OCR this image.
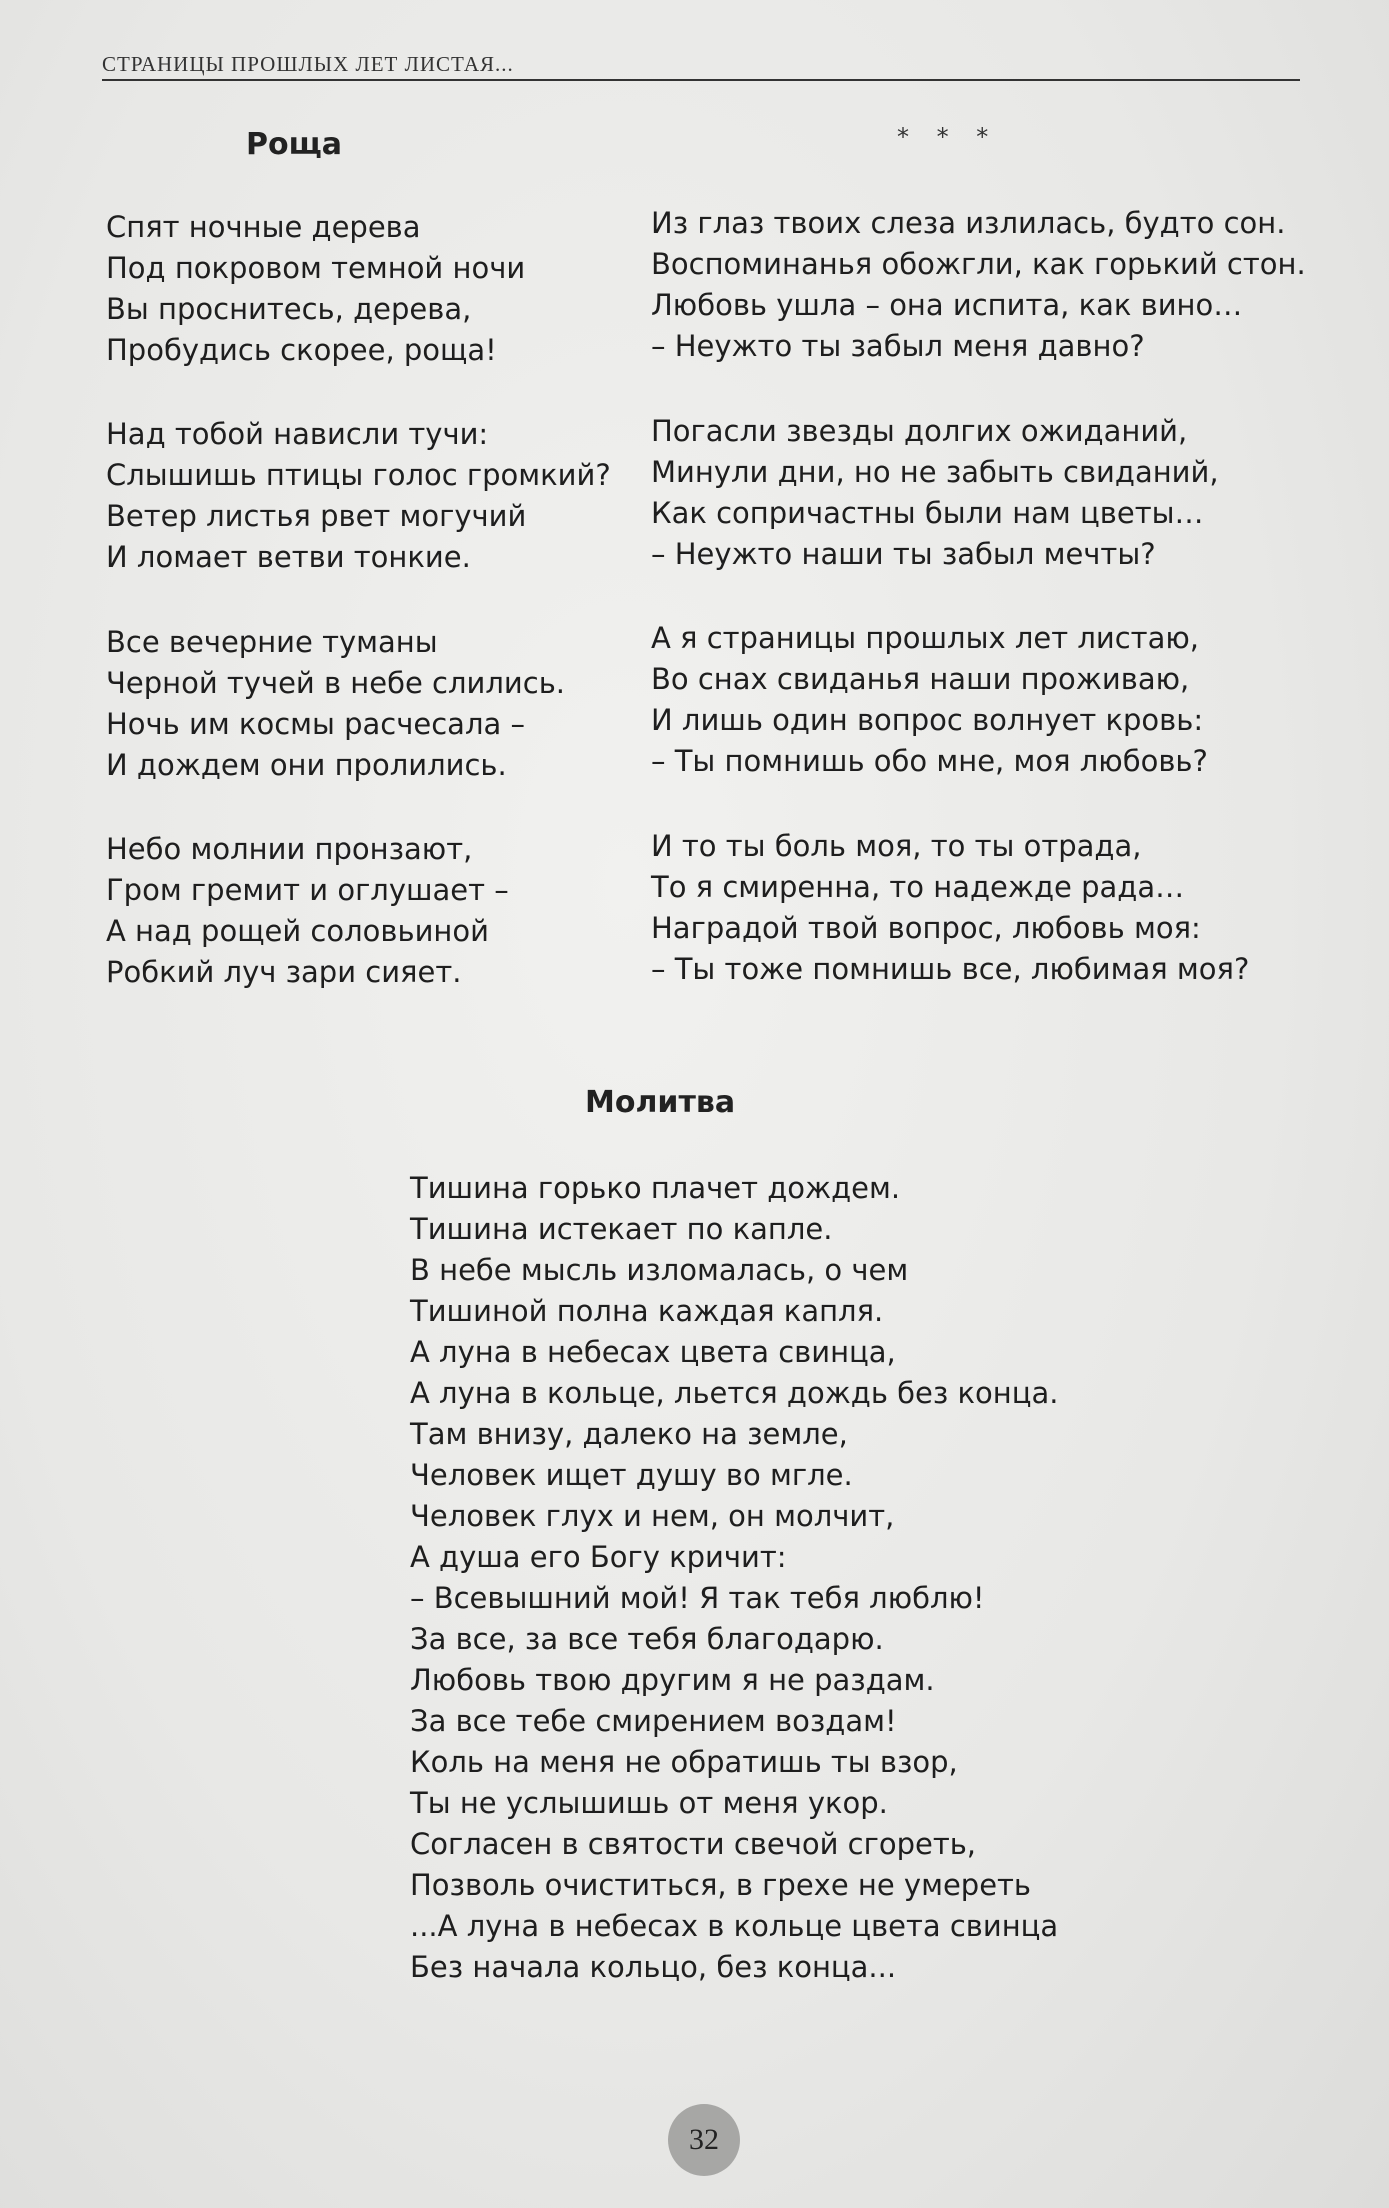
СТРАНИЦЫ ПРОШЛЫХ ЛЕТ ЛИСТАЯ...
Роща
Спят ночные дерева
Под покровом темной ночи
Вы проснитесь, дерева,
Пробудись скорее, роща!
Над тобой нависли тучи:
Слышишь птицы голос громкий?
Ветер листья рвет могучий
И ломает ветви тонкие.
Все вечерние туманы
Черной тучей в небе слились.
Ночь им космы расчесала –
И дождем они пролились.
Небо молнии пронзают,
Гром гремит и оглушает –
А над рощей соловьиной
Робкий луч зари сияет.
* * *
Из глаз твоих слеза излилась, будто сон.
Воспоминанья обожгли, как горький стон.
Любовь ушла – она испита, как вино…
– Неужто ты забыл меня давно?
Погасли звезды долгих ожиданий,
Минули дни, но не забыть свиданий,
Как сопричастны были нам цветы…
– Неужто наши ты забыл мечты?
А я страницы прошлых лет листаю,
Во снах свиданья наши проживаю,
И лишь один вопрос волнует кровь:
– Ты помнишь обо мне, моя любовь?
И то ты боль моя, то ты отрада,
То я смиренна, то надежде рада…
Наградой твой вопрос, любовь моя:
– Ты тоже помнишь все, любимая моя?
Молитва
Тишина горько плачет дождем.
Тишина истекает по капле.
В небе мысль изломалась, о чем
Тишиной полна каждая капля.
А луна в небесах цвета свинца,
А луна в кольце, льется дождь без конца.
Там внизу, далеко на земле,
Человек ищет душу во мгле.
Человек глух и нем, он молчит,
А душа его Богу кричит:
– Всевышний мой! Я так тебя люблю!
За все, за все тебя благодарю.
Любовь твою другим я не раздам.
За все тебе смирением воздам!
Коль на меня не обратишь ты взор,
Ты не услышишь от меня укор.
Согласен в святости свечой сгореть,
Позволь очиститься, в грехе не умереть
...А луна в небесах в кольце цвета свинца
Без начала кольцо, без конца...
32
